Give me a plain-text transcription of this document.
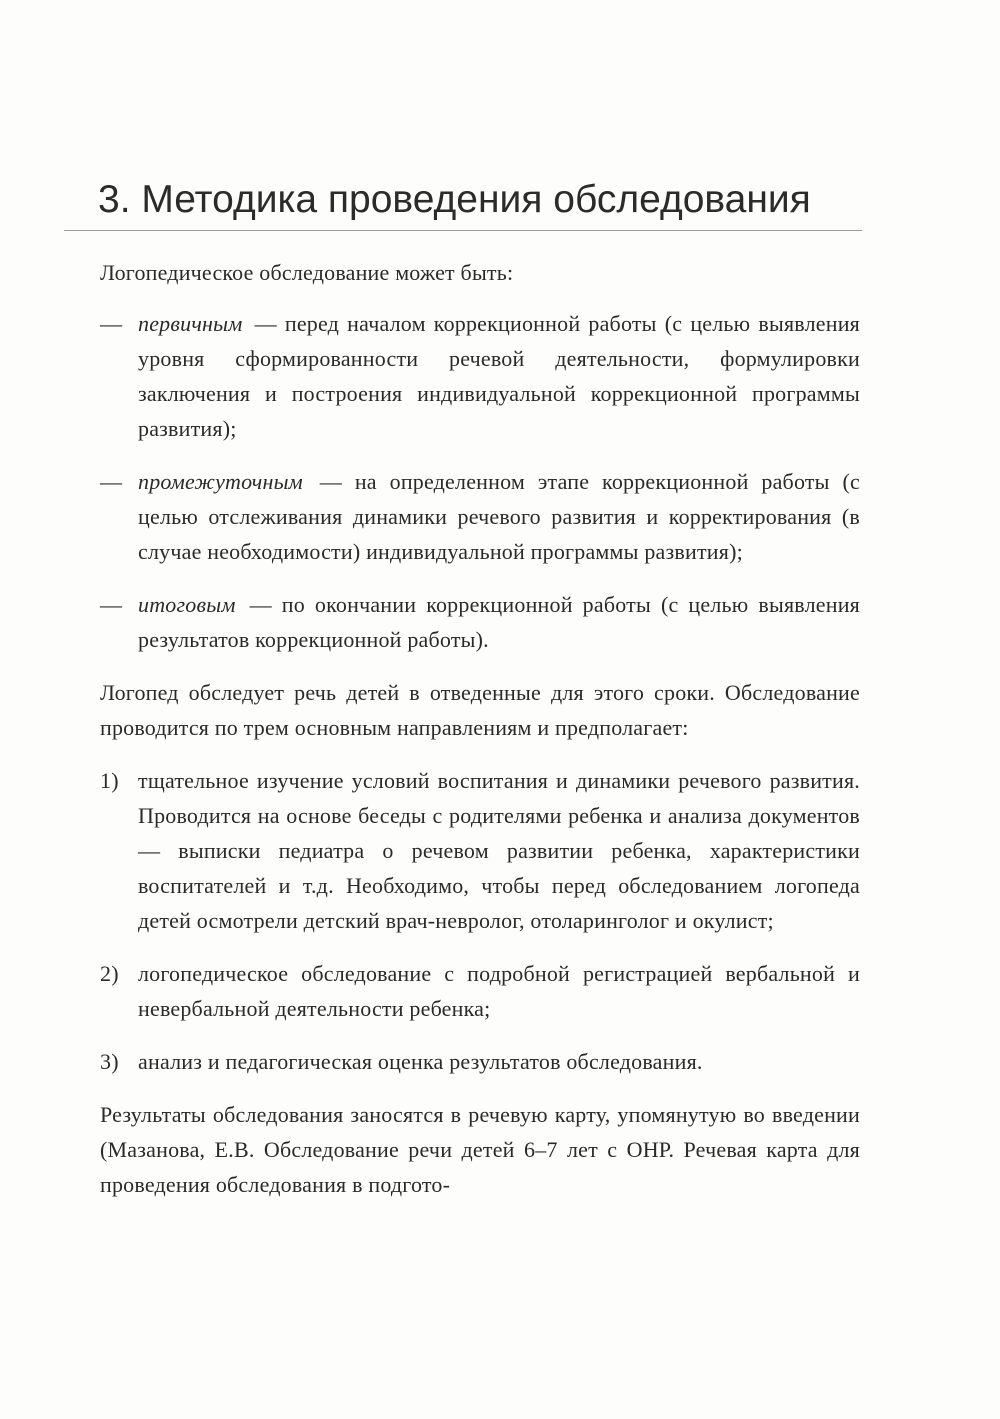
3. Методика проведения обследования

Логопедическое обследование может быть:

— первичным — перед началом коррекционной работы (с целью выявления уровня сформированности речевой деятельности, формулировки заключения и построения индивидуальной коррекционной программы развития);
— промежуточным — на определенном этапе коррекционной работы (с целью отслеживания динамики речевого развития и корректирования (в случае необходимости) индивидуальной программы развития);
— итоговым — по окончании коррекционной работы (с целью выявления результатов коррекционной работы).

Логопед обследует речь детей в отведенные для этого сроки. Обследование проводится по трем основным направлениям и предполагает:

1) тщательное изучение условий воспитания и динамики речевого развития. Проводится на основе беседы с родителями ребенка и анализа документов — выписки педиатра о речевом развитии ребенка, характеристики воспитателей и т.д. Необходимо, чтобы перед обследованием логопеда детей осмотрели детский врач-невролог, отоларинголог и окулист;
2) логопедическое обследование с подробной регистрацией вербальной и невербальной деятельности ребенка;
3) анализ и педагогическая оценка результатов обследования.

Результаты обследования заносятся в речевую карту, упомянутую во введении (Мазанова, Е.В. Обследование речи детей 6–7 лет с ОНР. Речевая карта для проведения обследования в подгото-
